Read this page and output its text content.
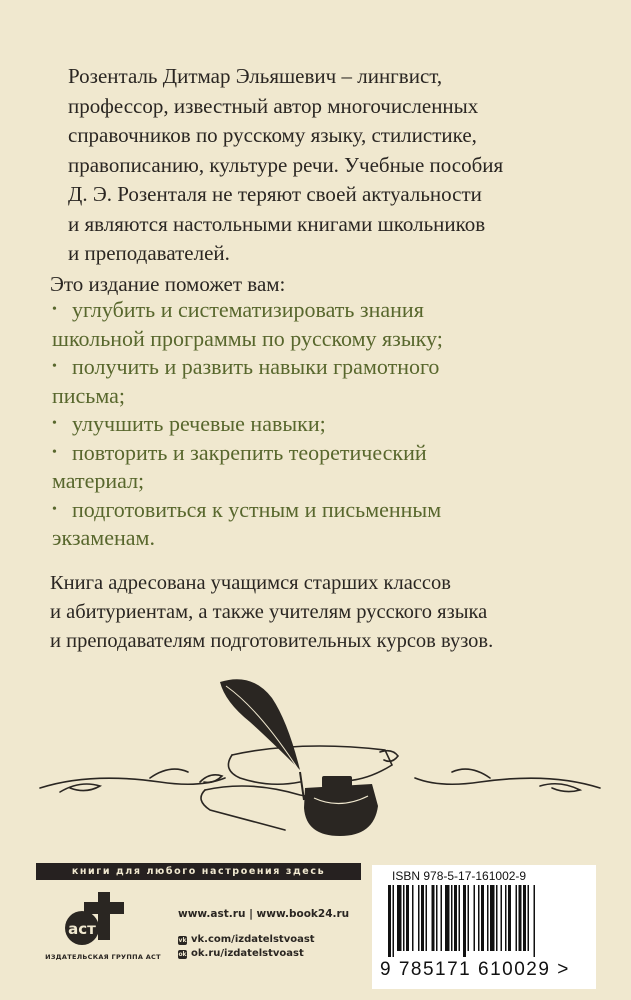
Розенталь Дитмар Эльяшевич – лингвист,
профессор, известный автор многочисленных
справочников по русскому языку, стилистике,
правописанию, культуре речи. Учебные пособия
Д. Э. Розенталя не теряют своей актуальности
и являются настольными книгами школьников
и преподавателей.
Это издание поможет вам:
• углубить и систематизировать знания
школьной программы по русскому языку;
• получить и развить навыки грамотного
письма;
• улучшить речевые навыки;
• повторить и закрепить теоретический
материал;
• подготовиться к устным и письменным
экзаменам.
Книга адресована учащимся старших классов
и абитуриентам, а также учителям русского языка
и преподавателям подготовительных курсов вузов.
книги для любого настроения здесь
аст
ИЗДАТЕЛЬСКАЯ ГРУППА АСТ
www.ast.ru | www.book24.ru
vk vk.com/izdatelstvoast
ok ok.ru/izdatelstvoast
ISBN 978-5-17-161002-9
9 785171 610029 >
